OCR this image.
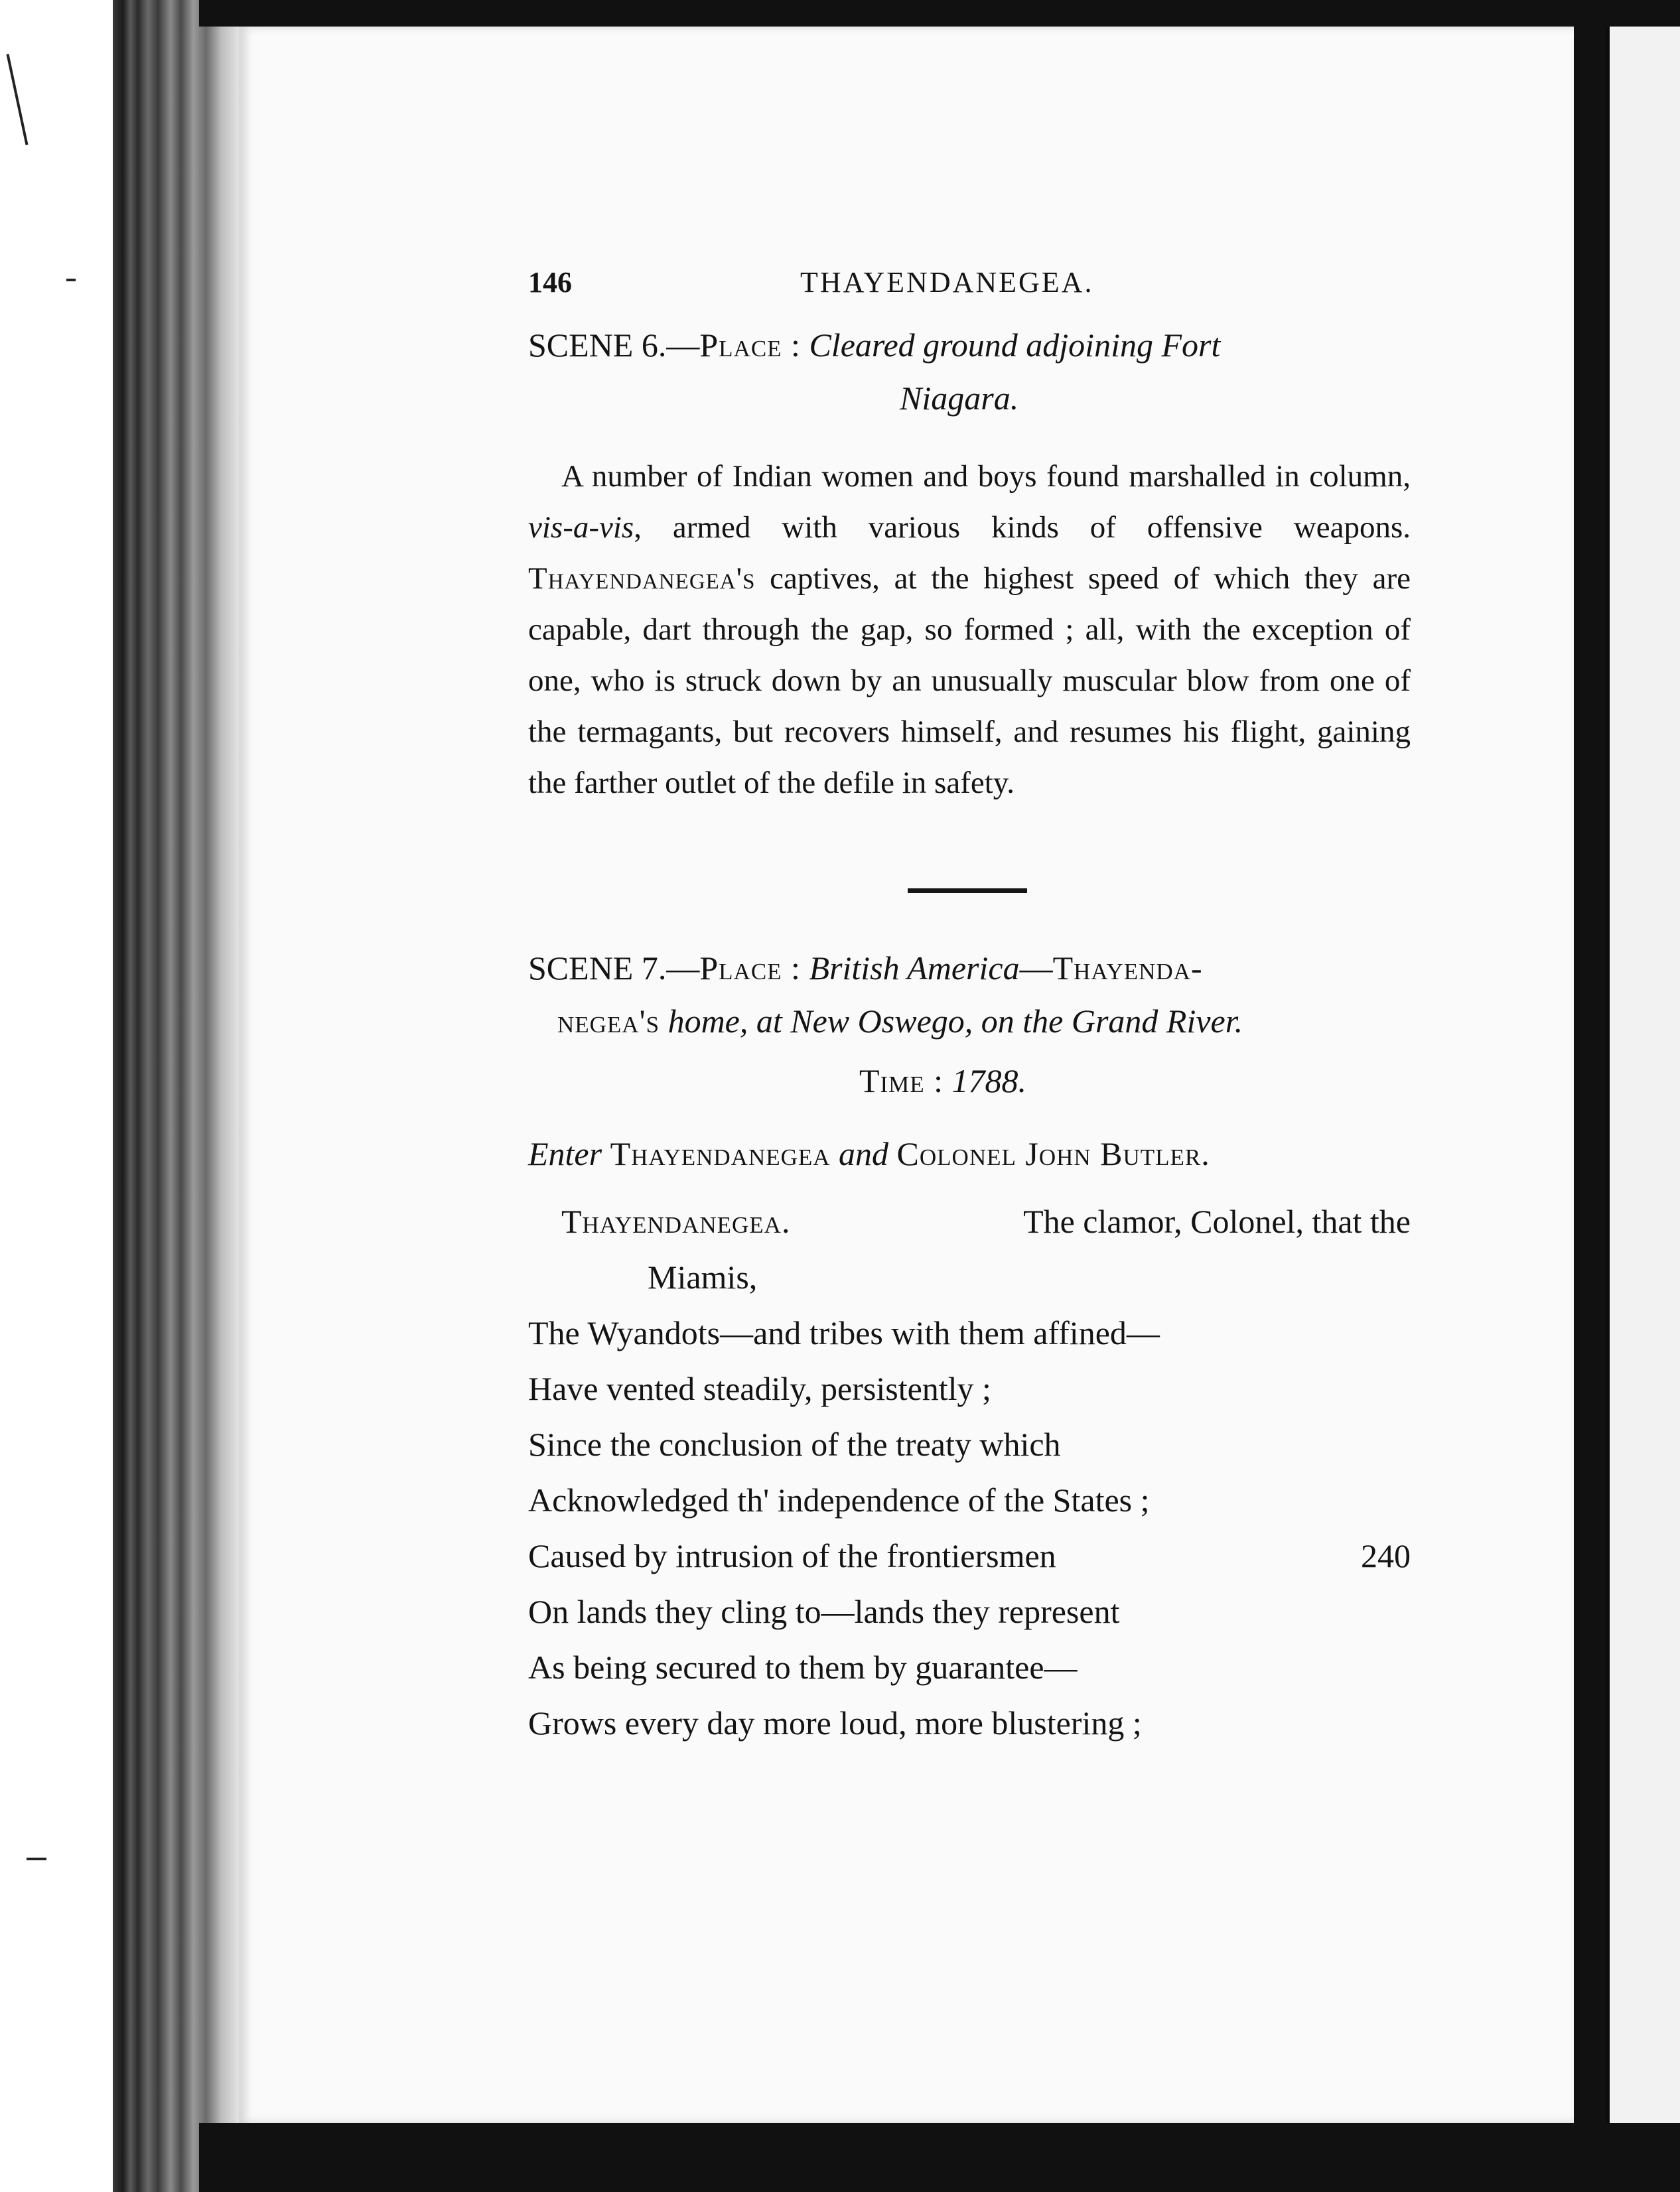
146	THAYENDANEGEA.
SCENE 6.—Place : Cleared ground adjoining Fort
Niagara.
A number of Indian women and boys found marshalled in column, vis-a-vis, armed with various kinds of offensive weapons. Thayendanegea's captives, at the highest speed of which they are capable, dart through the gap, so formed ; all, with the exception of one, who is struck down by an unusually muscular blow from one of the termagants, but recovers himself, and resumes his flight, gaining the farther outlet of the defile in safety.
SCENE 7.—Place : British America—Thayenda-
negea's home, at New Oswego, on the Grand River.
Time : 1788.
Enter Thayendanegea and Colonel John Butler.
Thayendanegea.	The clamor, Colonel, that the
Miamis,
The Wyandots—and tribes with them affined—
Have vented steadily, persistently ;
Since the conclusion of the treaty which
Acknowledged th' independence of the States ;
Caused by intrusion of the frontiersmen	240
On lands they cling to—lands they represent
As being secured to them by guarantee—
Grows every day more loud, more blustering ;
